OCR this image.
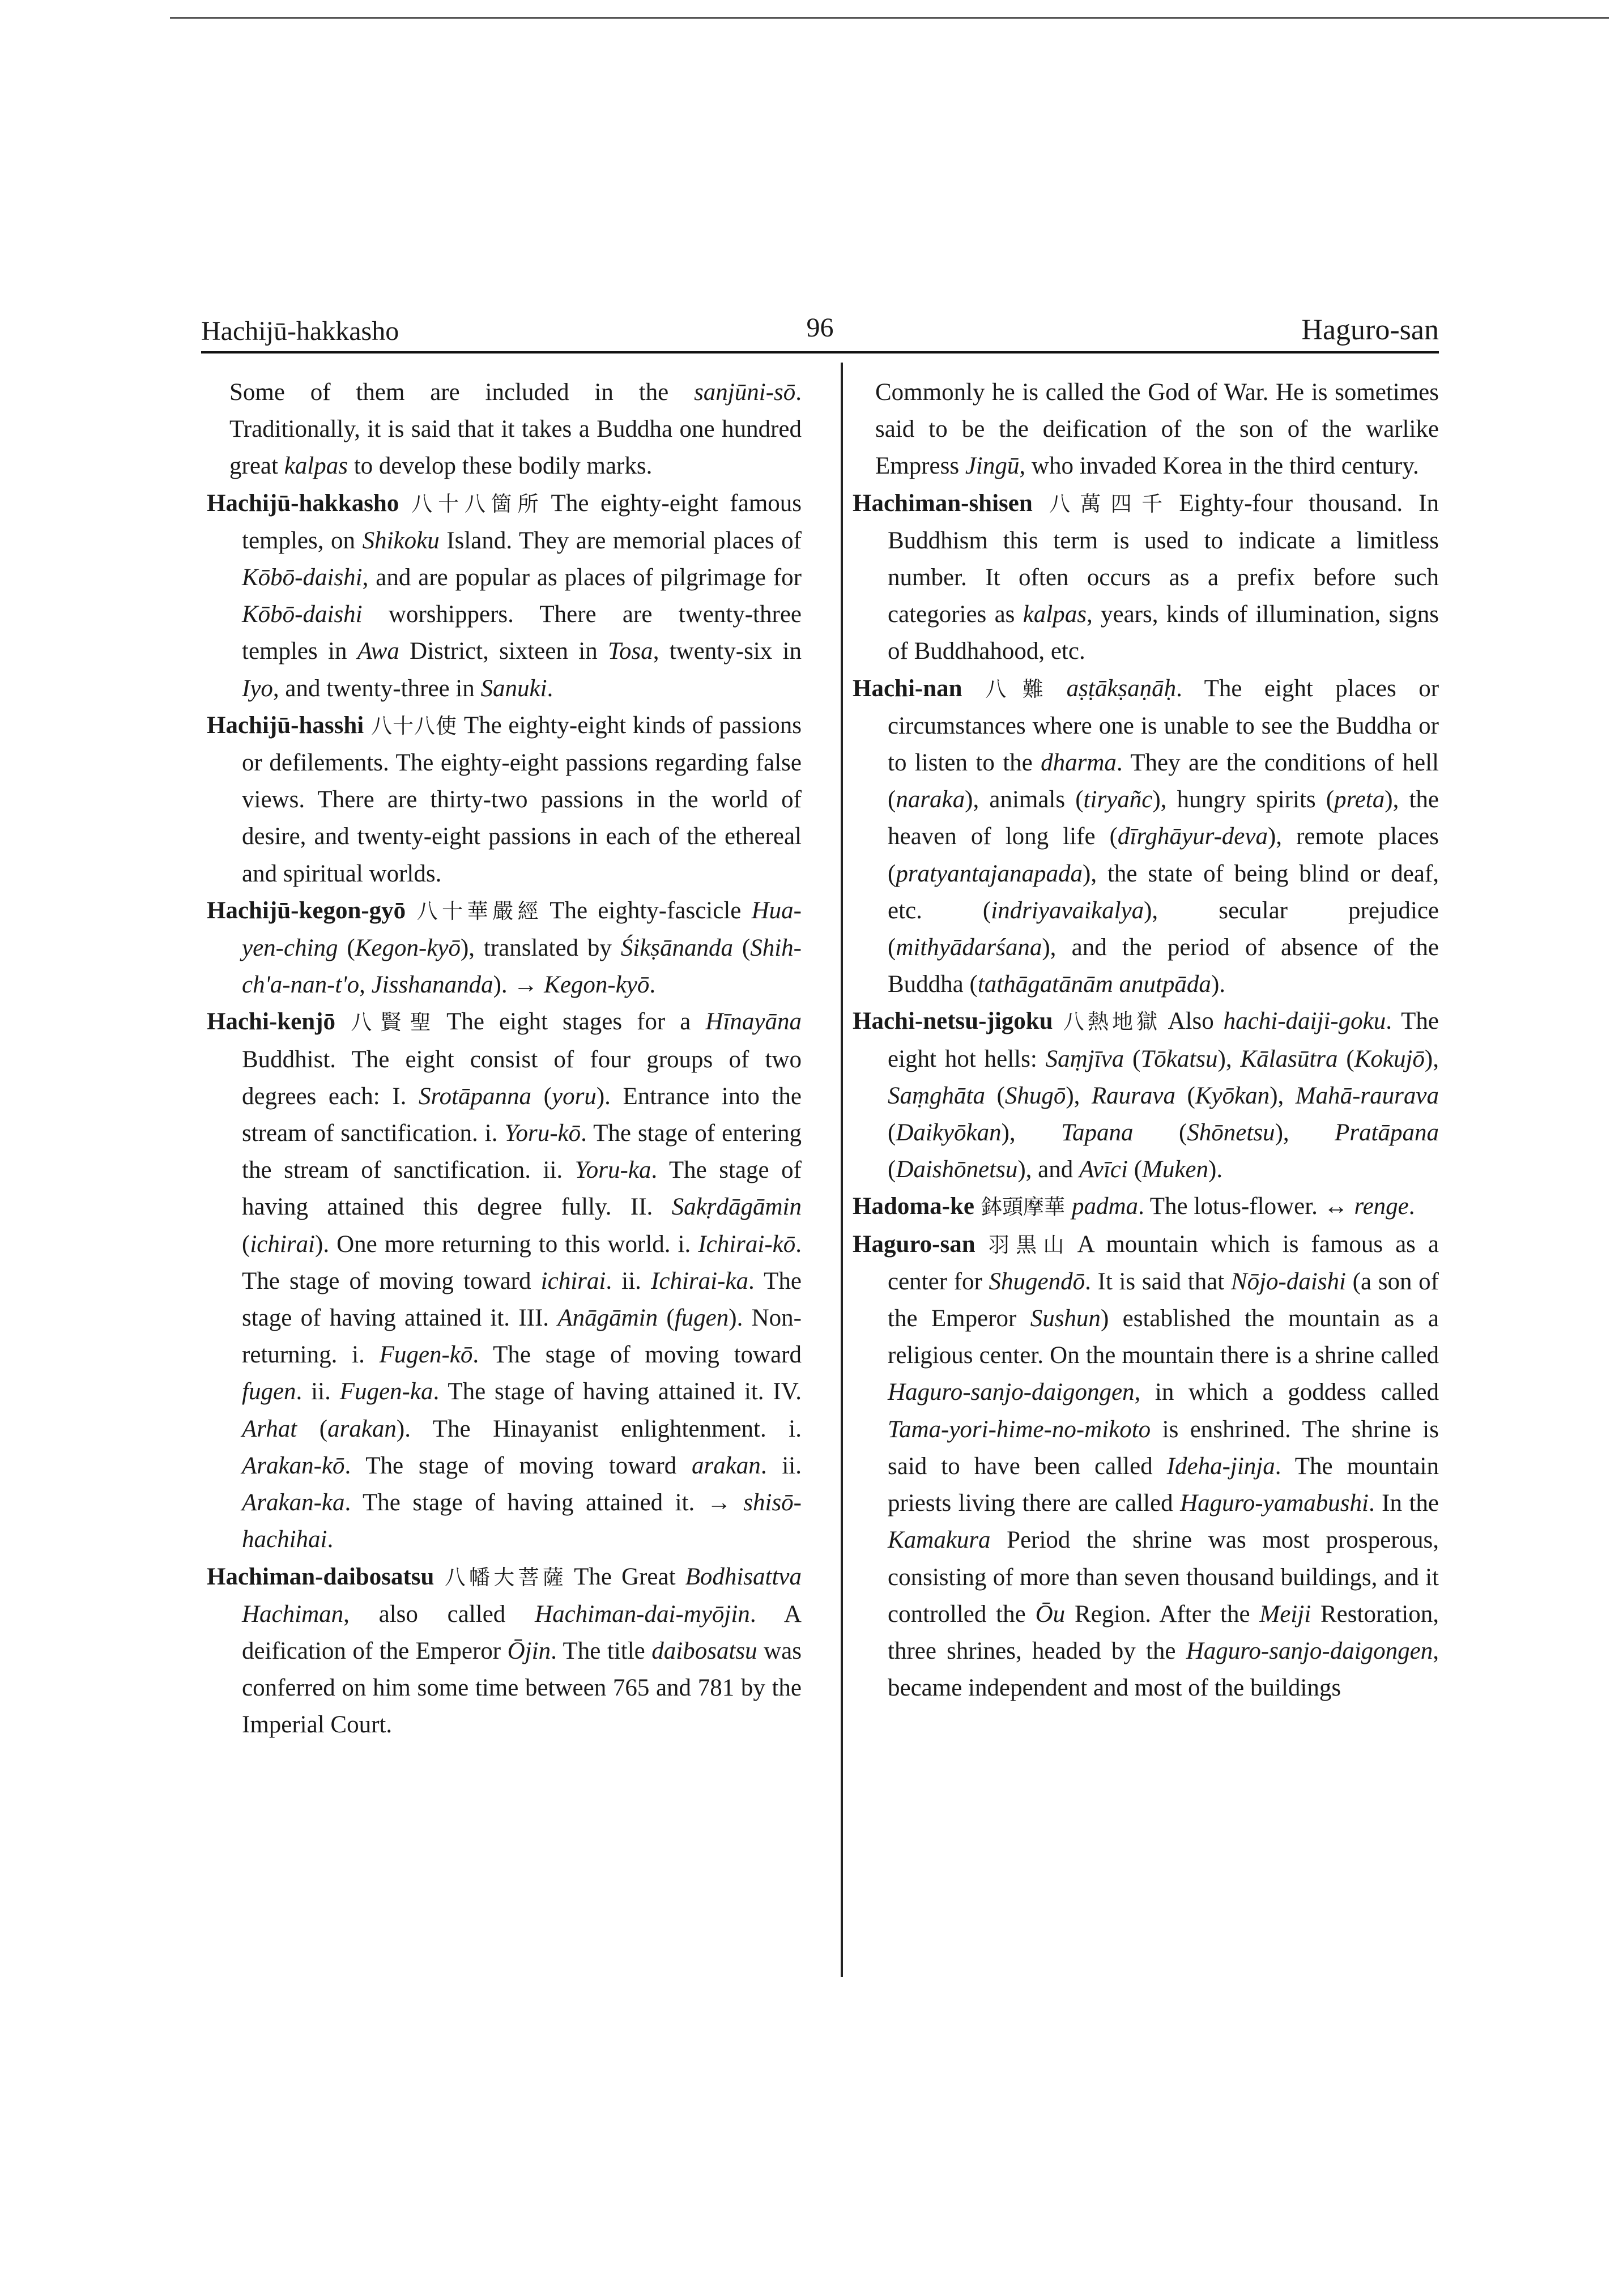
Hachijū-hakkasho	96	Haguro-san

Some of them are included in the sanjūni-sō. Traditionally, it is said that it takes a Buddha one hundred great kalpas to develop these bodily marks.

Hachijū-hakkasho 八十八箇所 The eighty-eight famous temples, on Shikoku Island. They are memorial places of Kōbō-daishi, and are popular as places of pilgrimage for Kōbō-daishi worshippers. There are twenty-three temples in Awa District, sixteen in Tosa, twenty-six in Iyo, and twenty-three in Sanuki.

Hachijū-hasshi 八十八使 The eighty-eight kinds of passions or defilements. The eighty-eight passions regarding false views. There are thirty-two passions in the world of desire, and twenty-eight passions in each of the ethereal and spiritual worlds.

Hachijū-kegon-gyō 八十華嚴經 The eighty-fascicle Hua-yen-ching (Kegon-kyō), translated by Śikṣānanda (Shih-ch'a-nan-t'o, Jisshananda). → Kegon-kyō.

Hachi-kenjō 八賢聖 The eight stages for a Hīnayāna Buddhist. The eight consist of four groups of two degrees each: I. Srotāpanna (yoru). Entrance into the stream of sanctification. i. Yoru-kō. The stage of entering the stream of sanctification. ii. Yoru-ka. The stage of having attained this degree fully. II. Sakṛdāgāmin (ichirai). One more returning to this world. i. Ichirai-kō. The stage of moving toward ichirai. ii. Ichirai-ka. The stage of having attained it. III. Anāgāmin (fugen). Non-returning. i. Fugen-kō. The stage of moving toward fugen. ii. Fugen-ka. The stage of having attained it. IV. Arhat (arakan). The Hinayanist enlightenment. i. Arakan-kō. The stage of moving toward arakan. ii. Arakan-ka. The stage of having attained it. → shisō-hachihai.

Hachiman-daibosatsu 八幡大菩薩 The Great Bodhisattva Hachiman, also called Hachiman-dai-myōjin. A deification of the Emperor Ōjin. The title daibosatsu was conferred on him some time between 765 and 781 by the Imperial Court.

Commonly he is called the God of War. He is sometimes said to be the deification of the son of the warlike Empress Jingū, who invaded Korea in the third century.

Hachiman-shisen 八萬四千 Eighty-four thousand. In Buddhism this term is used to indicate a limitless number. It often occurs as a prefix before such categories as kalpas, years, kinds of illumination, signs of Buddhahood, etc.

Hachi-nan 八難 aṣṭākṣaṇāḥ. The eight places or circumstances where one is unable to see the Buddha or to listen to the dharma. They are the conditions of hell (naraka), animals (tiryañc), hungry spirits (preta), the heaven of long life (dīrghāyur-deva), remote places (pratyantajanapada), the state of being blind or deaf, etc. (indriyavaikalya), secular prejudice (mithyādarśana), and the period of absence of the Buddha (tathāgatānām anutpāda).

Hachi-netsu-jigoku 八熱地獄 Also hachi-daiji-goku. The eight hot hells: Saṃjīva (Tōkatsu), Kālasūtra (Kokujō), Saṃghāta (Shugō), Raurava (Kyōkan), Mahā-raurava (Daikyōkan), Tapana (Shōnetsu), Pratāpana (Daishōnetsu), and Avīci (Muken).

Hadoma-ke 鉢頭摩華 padma. The lotus-flower. ↔ renge.

Haguro-san 羽黒山 A mountain which is famous as a center for Shugendō. It is said that Nōjo-daishi (a son of the Emperor Sushun) established the mountain as a religious center. On the mountain there is a shrine called Haguro-sanjo-daigongen, in which a goddess called Tama-yori-hime-no-mikoto is enshrined. The shrine is said to have been called Ideha-jinja. The mountain priests living there are called Haguro-yamabushi. In the Kamakura Period the shrine was most prosperous, consisting of more than seven thousand buildings, and it controlled the Ōu Region. After the Meiji Restoration, three shrines, headed by the Haguro-sanjo-daigongen, became independent and most of the buildings
